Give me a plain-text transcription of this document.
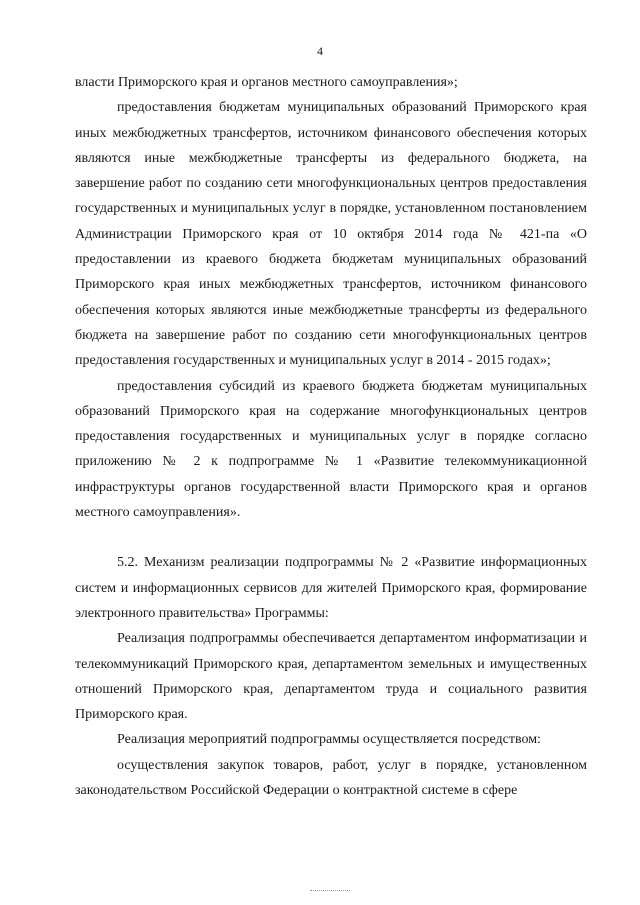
4

власти Приморского края и органов местного самоуправления»;

предоставления бюджетам муниципальных образований Приморского края иных межбюджетных трансфертов, источником финансового обеспечения которых являются иные межбюджетные трансферты из федерального бюджета, на завершение работ по созданию сети многофункциональных центров предоставления государственных и муниципальных услуг в порядке, установленном постановлением Администрации Приморского края от 10 октября 2014 года № 421-па «О предоставлении из краевого бюджета бюджетам муниципальных образований Приморского края иных межбюджетных трансфертов, источником финансового обеспечения которых являются иные межбюджетные трансферты из федерального бюджета на завершение работ по созданию сети многофункциональных центров предоставления государственных и муниципальных услуг в 2014 - 2015 годах»;

предоставления субсидий из краевого бюджета бюджетам муниципальных образований Приморского края на содержание многофункциональных центров предоставления государственных и муниципальных услуг в порядке согласно приложению № 2 к подпрограмме № 1 «Развитие телекоммуникационной инфраструктуры органов государственной власти Приморского края и органов местного самоуправления».

5.2. Механизм реализации подпрограммы № 2 «Развитие информационных систем и информационных сервисов для жителей Приморского края, формирование электронного правительства» Программы:

Реализация подпрограммы обеспечивается департаментом информатизации и телекоммуникаций Приморского края, департаментом земельных и имущественных отношений Приморского края, департаментом труда и социального развития Приморского края.

Реализация мероприятий подпрограммы осуществляется посредством:

осуществления закупок товаров, работ, услуг в порядке, установленном законодательством Российской Федерации о контрактной системе в сфере
